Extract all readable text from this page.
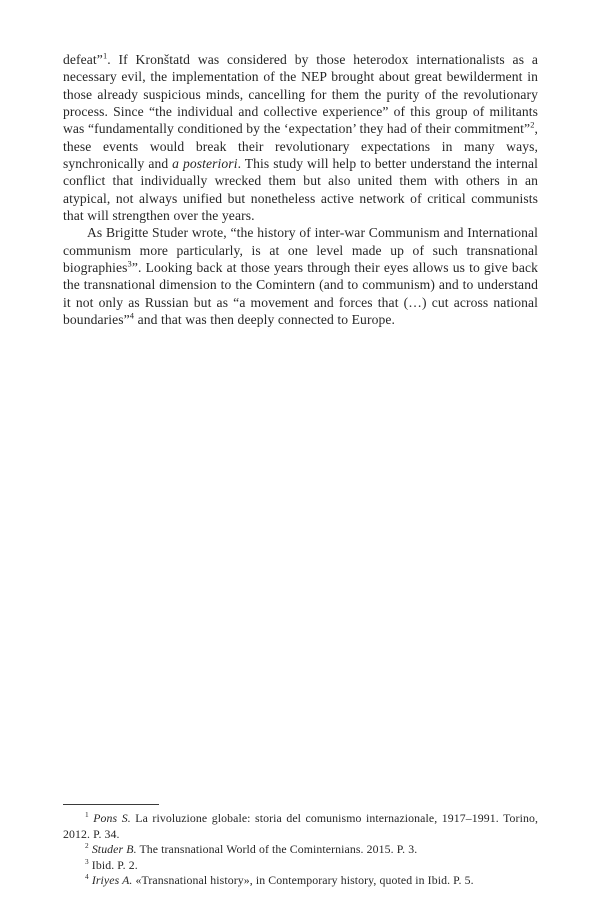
defeat”$^1$. If Kronštatd was considered by those heterodox internationalists as a necessary evil, the implementation of the NEP brought about great bewilderment in those already suspicious minds, cancelling for them the purity of the revolutionary process. Since “the individual and collective experience” of this group of militants was “fundamentally conditioned by the ‘expectation’ they had of their commitment”$^2$, these events would break their revolutionary expectations in many ways, synchronically and a posteriori. This study will help to better understand the internal conflict that individually wrecked them but also united them with others in an atypical, not always unified but nonetheless active network of critical communists that will strengthen over the years.

As Brigitte Studer wrote, “the history of inter-war Communism and International communism more particularly, is at one level made up of such transnational biographies$^3$”. Looking back at those years through their eyes allows us to give back the transnational dimension to the Comintern (and to communism) and to understand it not only as Russian but as “a movement and forces that (…) cut across national boundaries”$^4$ and that was then deeply connected to Europe.

$^1$ Pons S. La rivoluzione globale: storia del comunismo internazionale, 1917–1991. Torino, 2012. P. 34.

$^2$ Studer B. The transnational World of the Cominternians. 2015. P. 3.

$^3$ Ibid. P. 2.

$^4$ Iriyes A. «Transnational history», in Contemporary history, quoted in Ibid. P. 5.
